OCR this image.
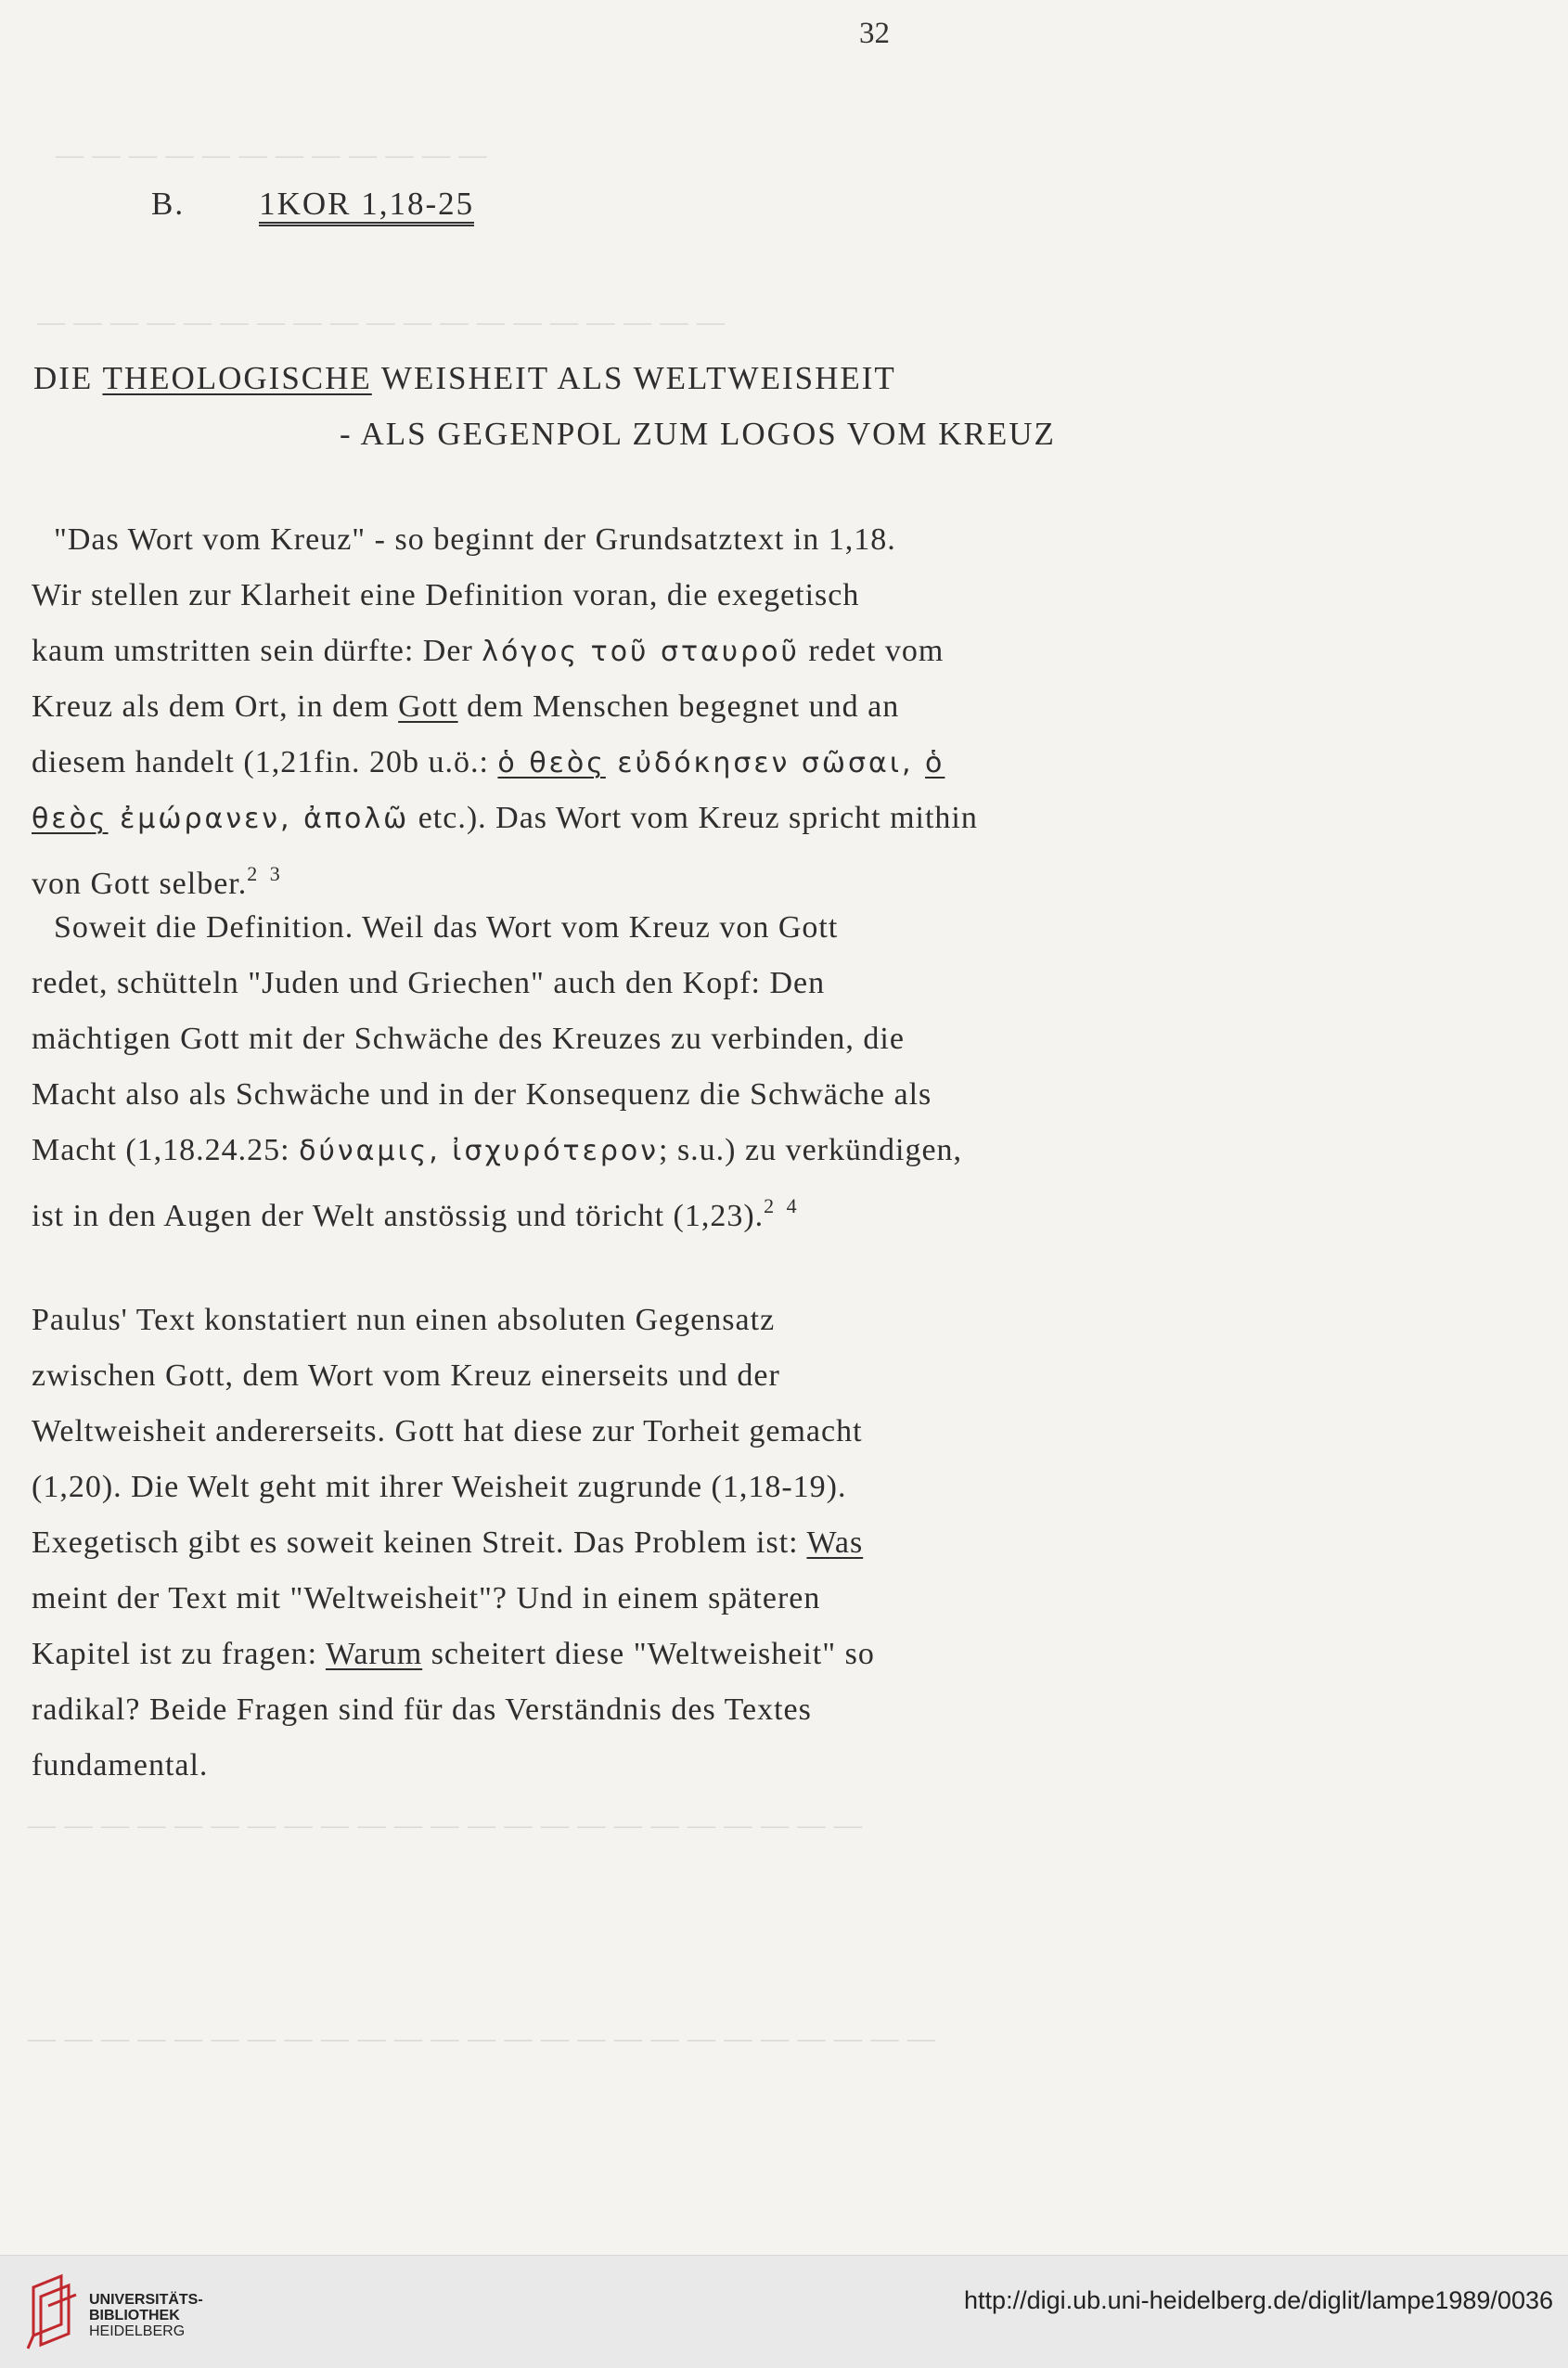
— — — — — — — — — — — —
— — — — — — — — — — — — — — — — — — —
— — — — — — — — — — — — — — — — — — — — — — —
— — — — — — — — — — — — — — — — — — — — — — — — —
32
B. 1KOR 1,18-25
DIE THEOLOGISCHE WEISHEIT ALS WELTWEISHEIT
- ALS GEGENPOL ZUM LOGOS VOM KREUZ
"Das Wort vom Kreuz" - so beginnt der Grundsatztext in 1,18.
Wir stellen zur Klarheit eine Definition voran, die exegetisch
kaum umstritten sein dürfte: Der λόγος τοῦ σταυροῦ redet vom
Kreuz als dem Ort, in dem Gott dem Menschen begegnet und an
diesem handelt (1,21fin. 20b u.ö.: ὁ θεὸς εὐδόκησεν σῶσαι, ὁ
θεὸς ἐμώρανεν, ἀπολῶ etc.). Das Wort vom Kreuz spricht mithin
von Gott selber.$^{2 3}$
Soweit die Definition. Weil das Wort vom Kreuz von Gott
redet, schütteln "Juden und Griechen" auch den Kopf: Den
mächtigen Gott mit der Schwäche des Kreuzes zu verbinden, die
Macht also als Schwäche und in der Konsequenz die Schwäche als
Macht (1,18.24.25: δύναμις, ἰσχυρότερον; s.u.) zu verkündigen,
ist in den Augen der Welt anstössig und töricht (1,23).$^{2 4}$
Paulus' Text konstatiert nun einen absoluten Gegensatz
zwischen Gott, dem Wort vom Kreuz einerseits und der
Weltweisheit andererseits. Gott hat diese zur Torheit gemacht
(1,20). Die Welt geht mit ihrer Weisheit zugrunde (1,18-19).
Exegetisch gibt es soweit keinen Streit. Das Problem ist: Was
meint der Text mit "Weltweisheit"? Und in einem späteren
Kapitel ist zu fragen: Warum scheitert diese "Weltweisheit" so
radikal? Beide Fragen sind für das Verständnis des Textes
fundamental.
UNIVERSITÄTS-
BIBLIOTHEK
HEIDELBERG
http://digi.ub.uni-heidelberg.de/diglit/lampe1989/0036
